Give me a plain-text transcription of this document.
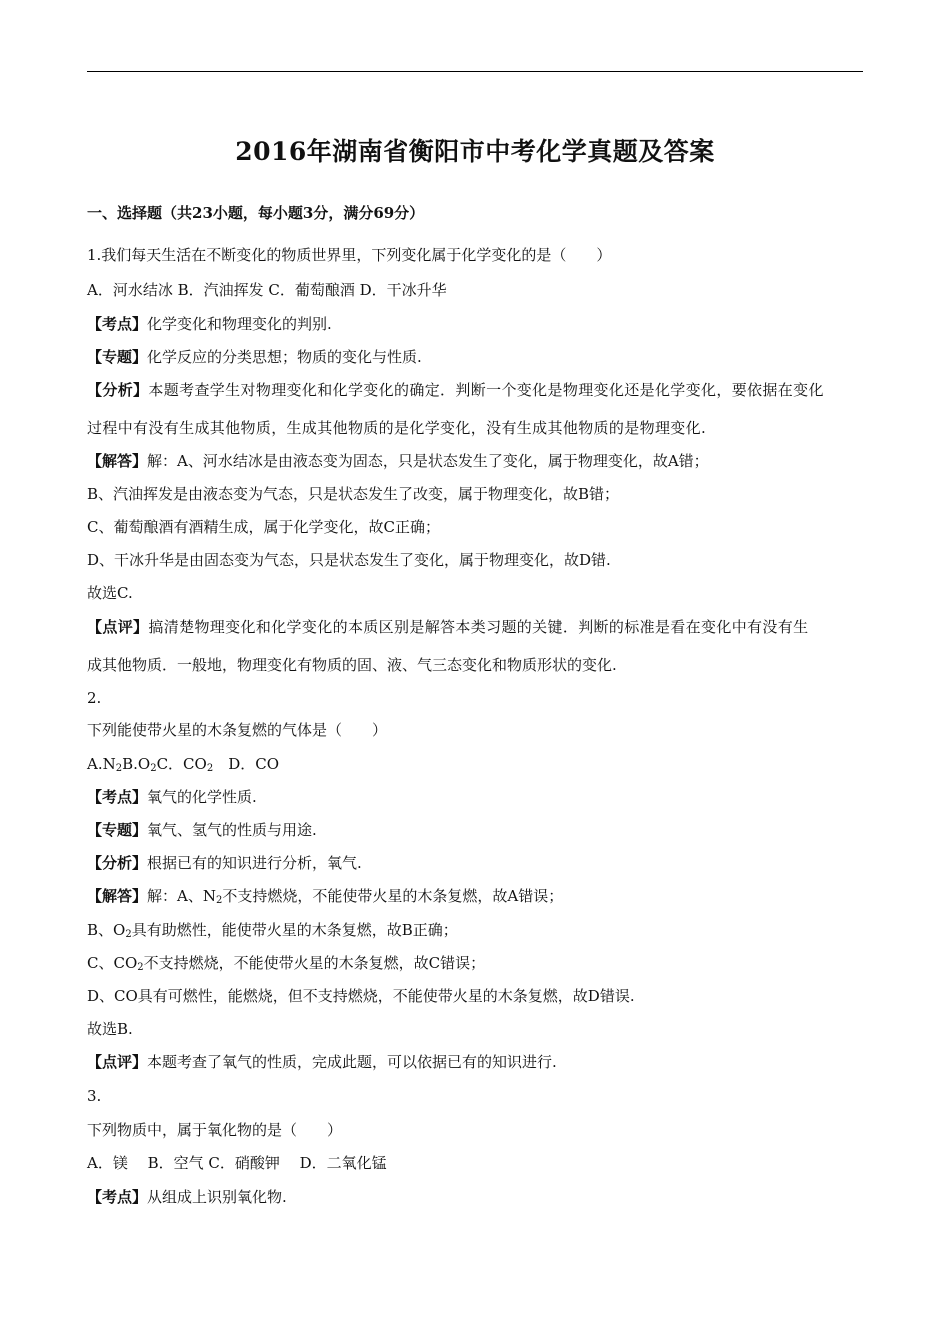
2016年湖南省衡阳市中考化学真题及答案
一、选择题（共23小题，每小题3分，满分69分）
1.我们每天生活在不断变化的物质世界里，下列变化属于化学变化的是（　　）
A．河水结冰 B．汽油挥发 C．葡萄酿酒 D．干冰升华
【考点】化学变化和物理变化的判别.
【专题】化学反应的分类思想；物质的变化与性质.
【分析】本题考查学生对物理变化和化学变化的确定．判断一个变化是物理变化还是化学变化，要依据在变化
过程中有没有生成其他物质，生成其他物质的是化学变化，没有生成其他物质的是物理变化.
【解答】解：A、河水结冰是由液态变为固态，只是状态发生了变化，属于物理变化，故A错；
B、汽油挥发是由液态变为气态，只是状态发生了改变，属于物理变化，故B错；
C、葡萄酿酒有酒精生成，属于化学变化，故C正确；
D、干冰升华是由固态变为气态，只是状态发生了变化，属于物理变化，故D错.
故选C.
【点评】搞清楚物理变化和化学变化的本质区别是解答本类习题的关键．判断的标准是看在变化中有没有生
成其他物质．一般地，物理变化有物质的固、液、气三态变化和物质形状的变化.
2.
下列能使带火星的木条复燃的气体是（　　）
$A.N_2B.O_2C$．$CO_2$　D．CO
【考点】氧气的化学性质.
【专题】氧气、氢气的性质与用途.
【分析】根据已有的知识进行分析，氧气.
【解答】解：A、$N_2$不支持燃烧，不能使带火星的木条复燃，故A错误；
B、$O_2$具有助燃性，能使带火星的木条复燃，故B正确；
C、$CO_2$不支持燃烧，不能使带火星的木条复燃，故C错误；
D、CO具有可燃性，能燃烧，但不支持燃烧，不能使带火星的木条复燃，故D错误.
故选B.
【点评】本题考查了氧气的性质，完成此题，可以依据已有的知识进行.
3.
下列物质中，属于氧化物的是（　　）
A．镁　 B．空气 C．硝酸钾 　D．二氧化锰
【考点】从组成上识别氧化物.
